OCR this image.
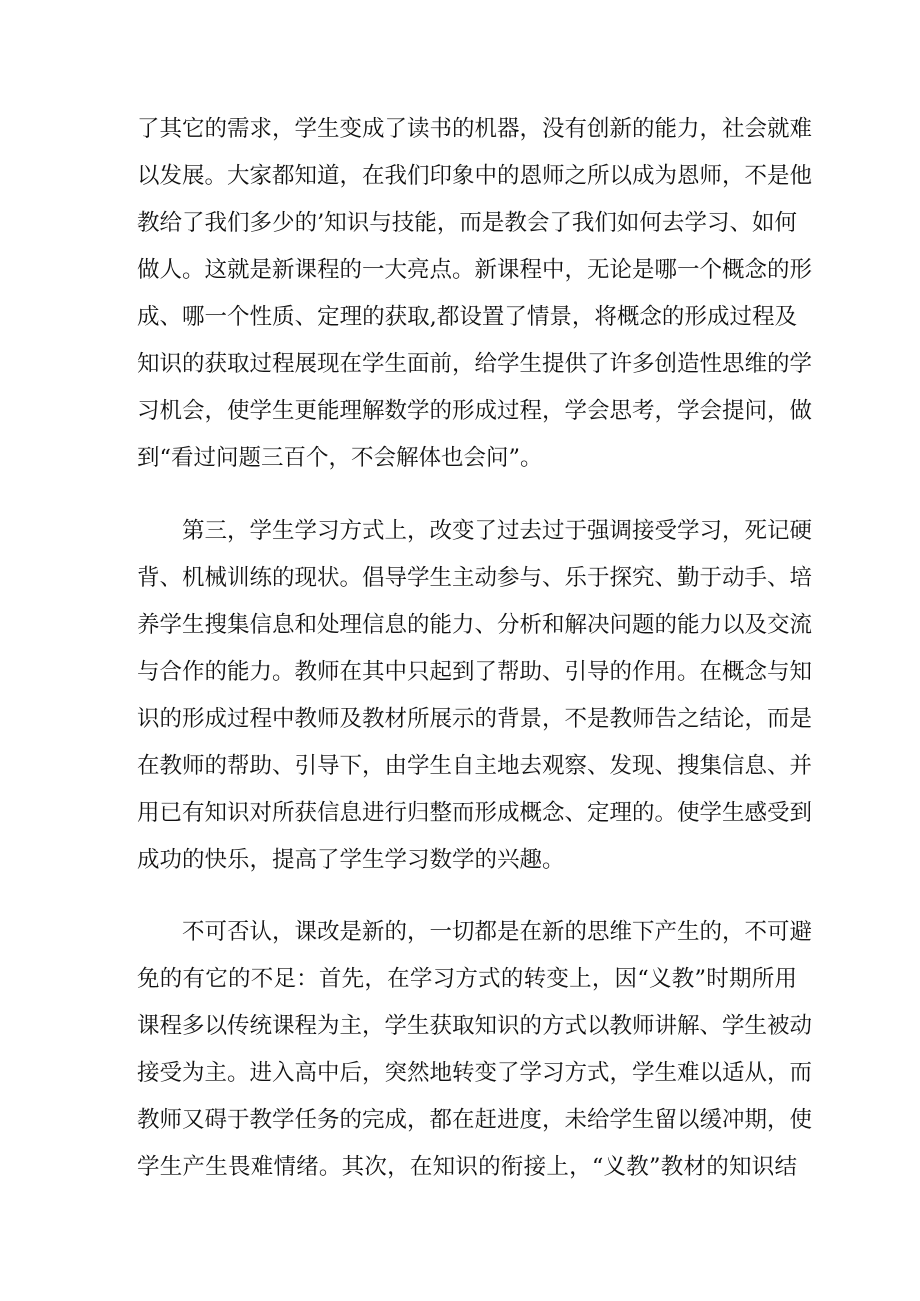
了其它的需求，学生变成了读书的机器，没有创新的能力，社会就难
以发展。大家都知道，在我们印象中的恩师之所以成为恩师，不是他
教给了我们多少的’知识与技能，而是教会了我们如何去学习、如何
做人。这就是新课程的一大亮点。新课程中，无论是哪一个概念的形
成、哪一个性质、定理的获取,都设置了情景，将概念的形成过程及
知识的获取过程展现在学生面前，给学生提供了许多创造性思维的学
习机会，使学生更能理解数学的形成过程，学会思考，学会提问，做
到“看过问题三百个，不会解体也会问”。
第三，学生学习方式上，改变了过去过于强调接受学习，死记硬
背、机械训练的现状。倡导学生主动参与、乐于探究、勤于动手、培
养学生搜集信息和处理信息的能力、分析和解决问题的能力以及交流
与合作的能力。教师在其中只起到了帮助、引导的作用。在概念与知
识的形成过程中教师及教材所展示的背景，不是教师告之结论，而是
在教师的帮助、引导下，由学生自主地去观察、发现、搜集信息、并
用已有知识对所获信息进行归整而形成概念、定理的。使学生感受到
成功的快乐，提高了学生学习数学的兴趣。
不可否认，课改是新的，一切都是在新的思维下产生的，不可避
免的有它的不足：首先，在学习方式的转变上，因“义教”时期所用
课程多以传统课程为主，学生获取知识的方式以教师讲解、学生被动
接受为主。进入高中后，突然地转变了学习方式，学生难以适从，而
教师又碍于教学任务的完成，都在赶进度，未给学生留以缓冲期，使
学生产生畏难情绪。其次，在知识的衔接上，“义教”教材的知识结
